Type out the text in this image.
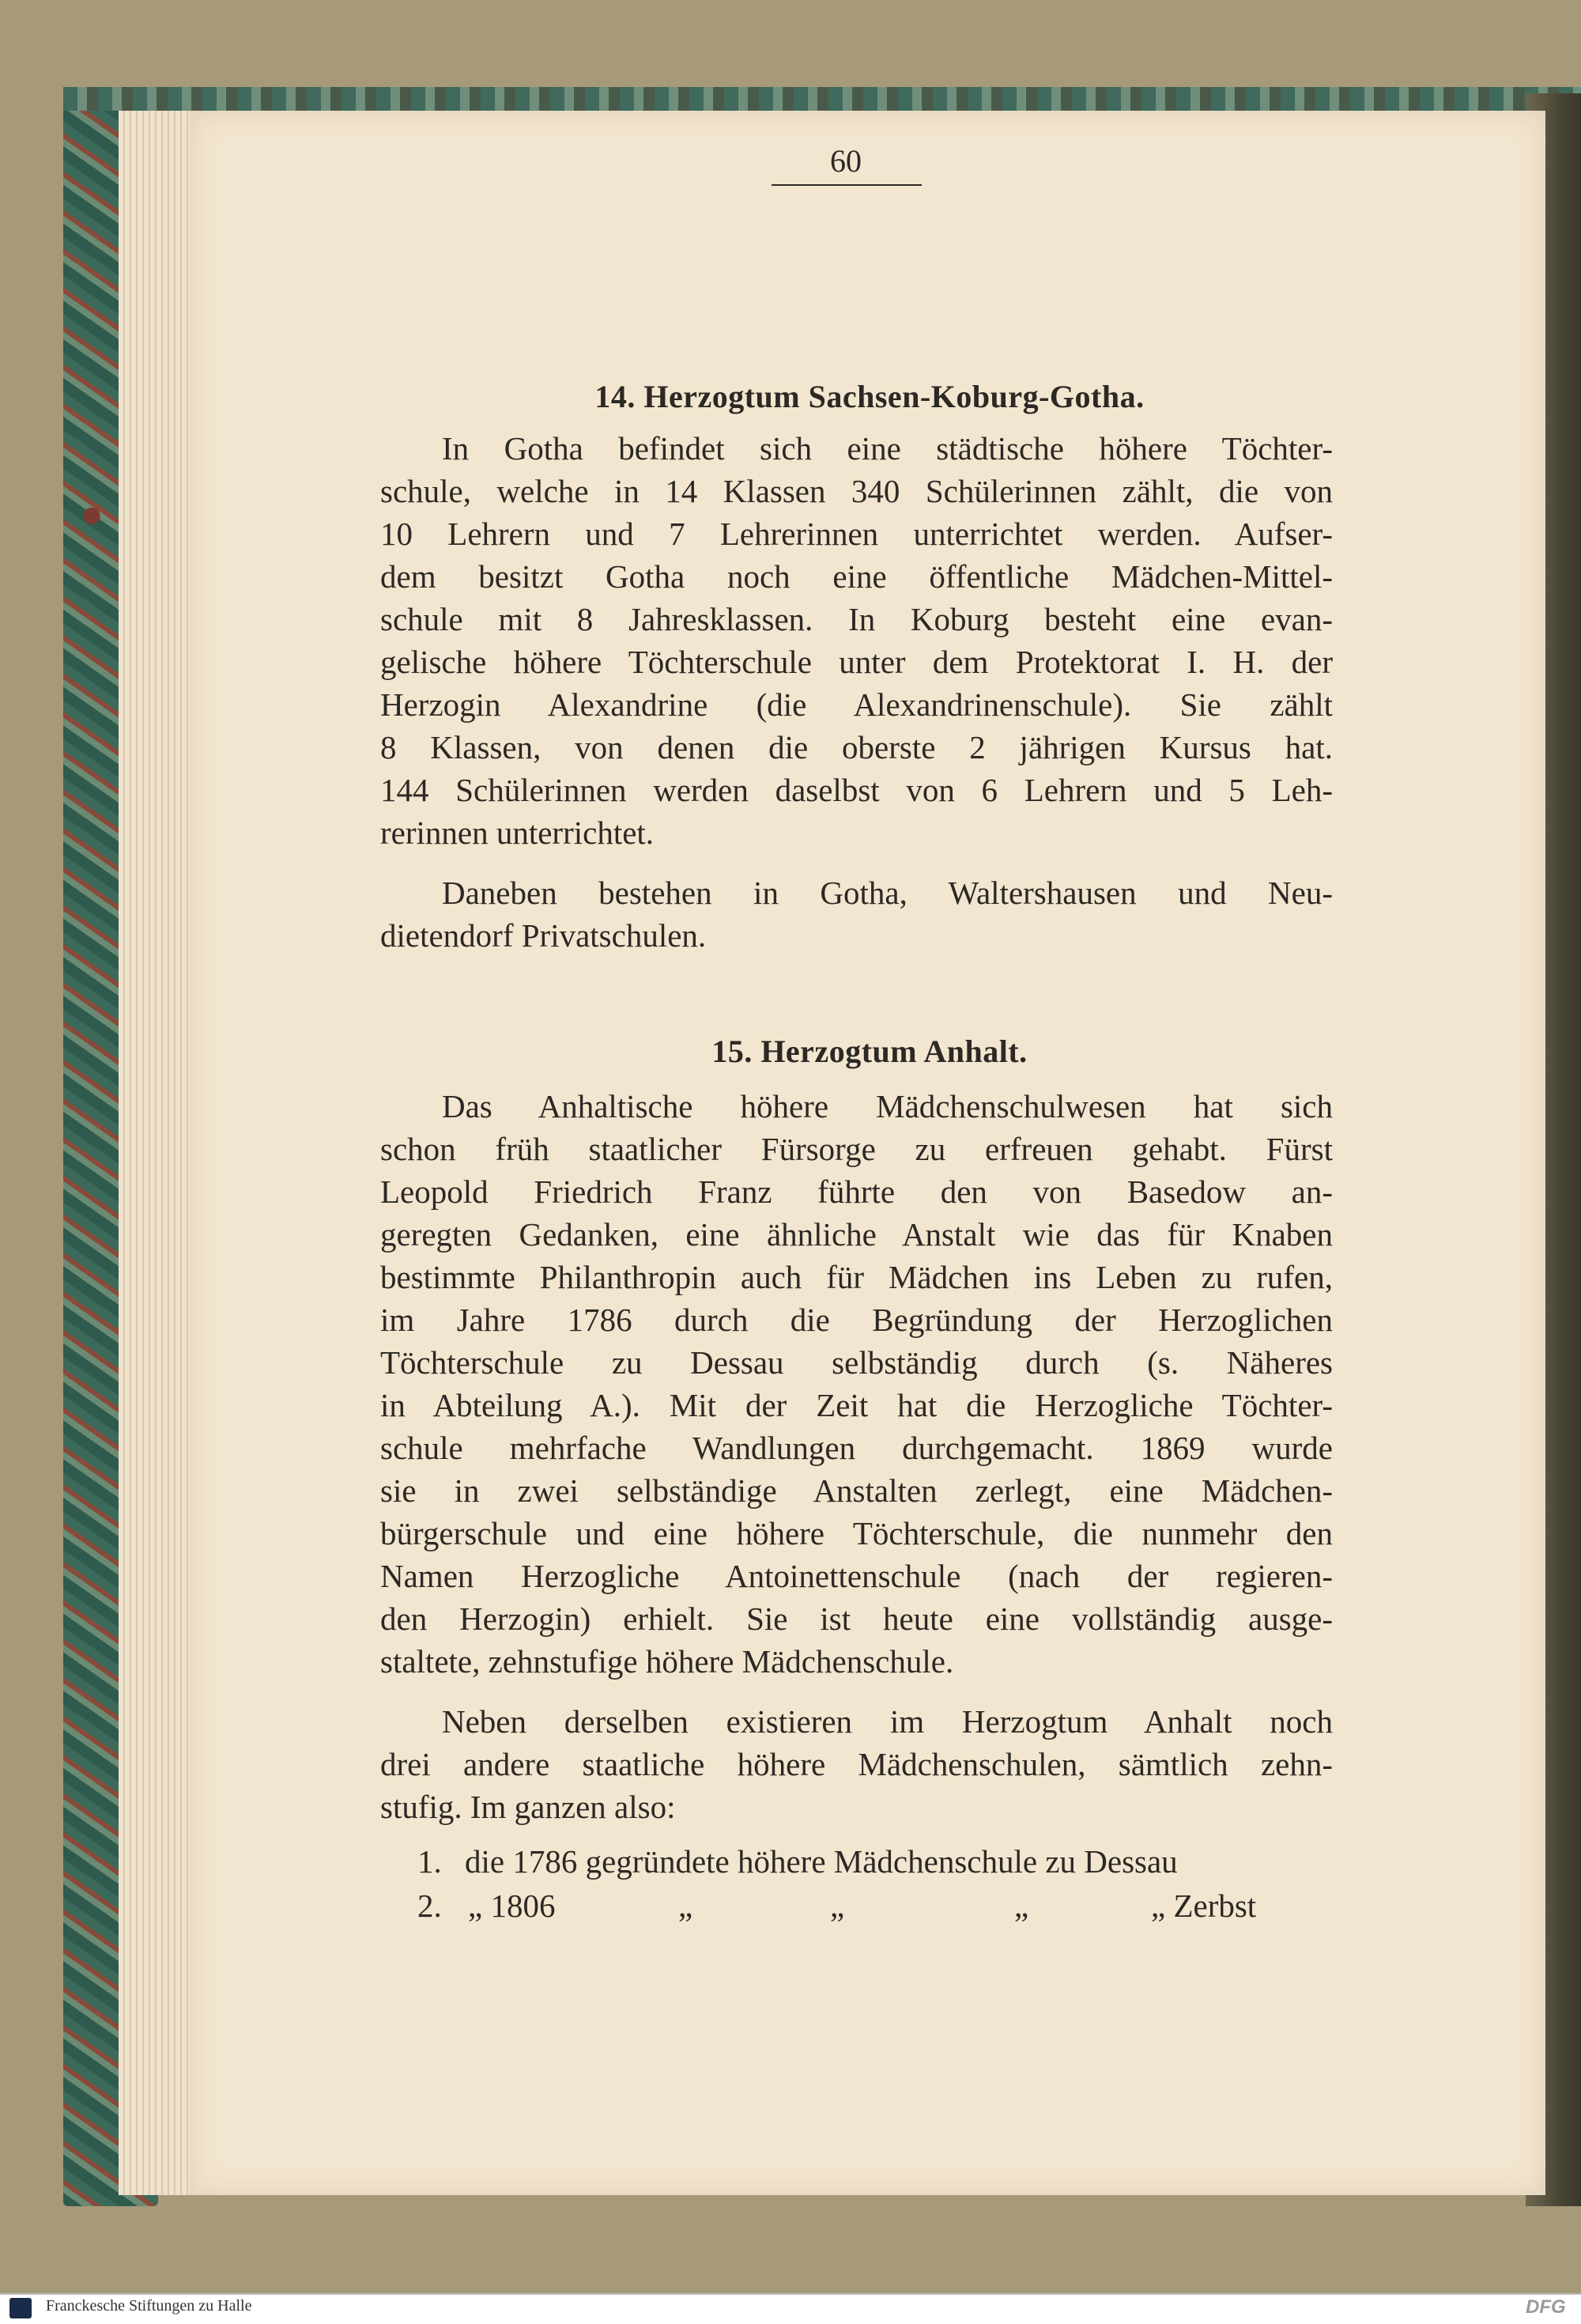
60
14. Herzogtum Sachsen-Koburg-Gotha.
In Gotha befindet sich eine städtische höhere Töchter-
schule, welche in 14 Klassen 340 Schülerinnen zählt, die von
10 Lehrern und 7 Lehrerinnen unterrichtet werden. Aufser-
dem besitzt Gotha noch eine öffentliche Mädchen-Mittel-
schule mit 8 Jahresklassen. In Koburg besteht eine evan-
gelische höhere Töchterschule unter dem Protektorat I. H. der
Herzogin Alexandrine (die Alexandrinenschule). Sie zählt
8 Klassen, von denen die oberste 2 jährigen Kursus hat.
144 Schülerinnen werden daselbst von 6 Lehrern und 5 Leh-
rerinnen unterrichtet.
Daneben bestehen in Gotha, Waltershausen und Neu-
dietendorf Privatschulen.
15. Herzogtum Anhalt.
Das Anhaltische höhere Mädchenschulwesen hat sich
schon früh staatlicher Fürsorge zu erfreuen gehabt. Fürst
Leopold Friedrich Franz führte den von Basedow an-
geregten Gedanken, eine ähnliche Anstalt wie das für Knaben
bestimmte Philanthropin auch für Mädchen ins Leben zu rufen,
im Jahre 1786 durch die Begründung der Herzoglichen
Töchterschule zu Dessau selbständig durch (s. Näheres
in Abteilung A.). Mit der Zeit hat die Herzogliche Töchter-
schule mehrfache Wandlungen durchgemacht. 1869 wurde
sie in zwei selbständige Anstalten zerlegt, eine Mädchen-
bürgerschule und eine höhere Töchterschule, die nunmehr den
Namen Herzogliche Antoinettenschule (nach der regieren-
den Herzogin) erhielt. Sie ist heute eine vollständig ausge-
staltete, zehnstufige höhere Mädchenschule.
Neben derselben existieren im Herzogtum Anhalt noch
drei andere staatliche höhere Mädchenschulen, sämtlich zehn-
stufig. Im ganzen also:
1. die 1786 gegründete höhere Mädchenschule zu Dessau
2. „ 1806	„	„	„	„ Zerbst
Franckesche Stiftungen zu Halle	DFG
